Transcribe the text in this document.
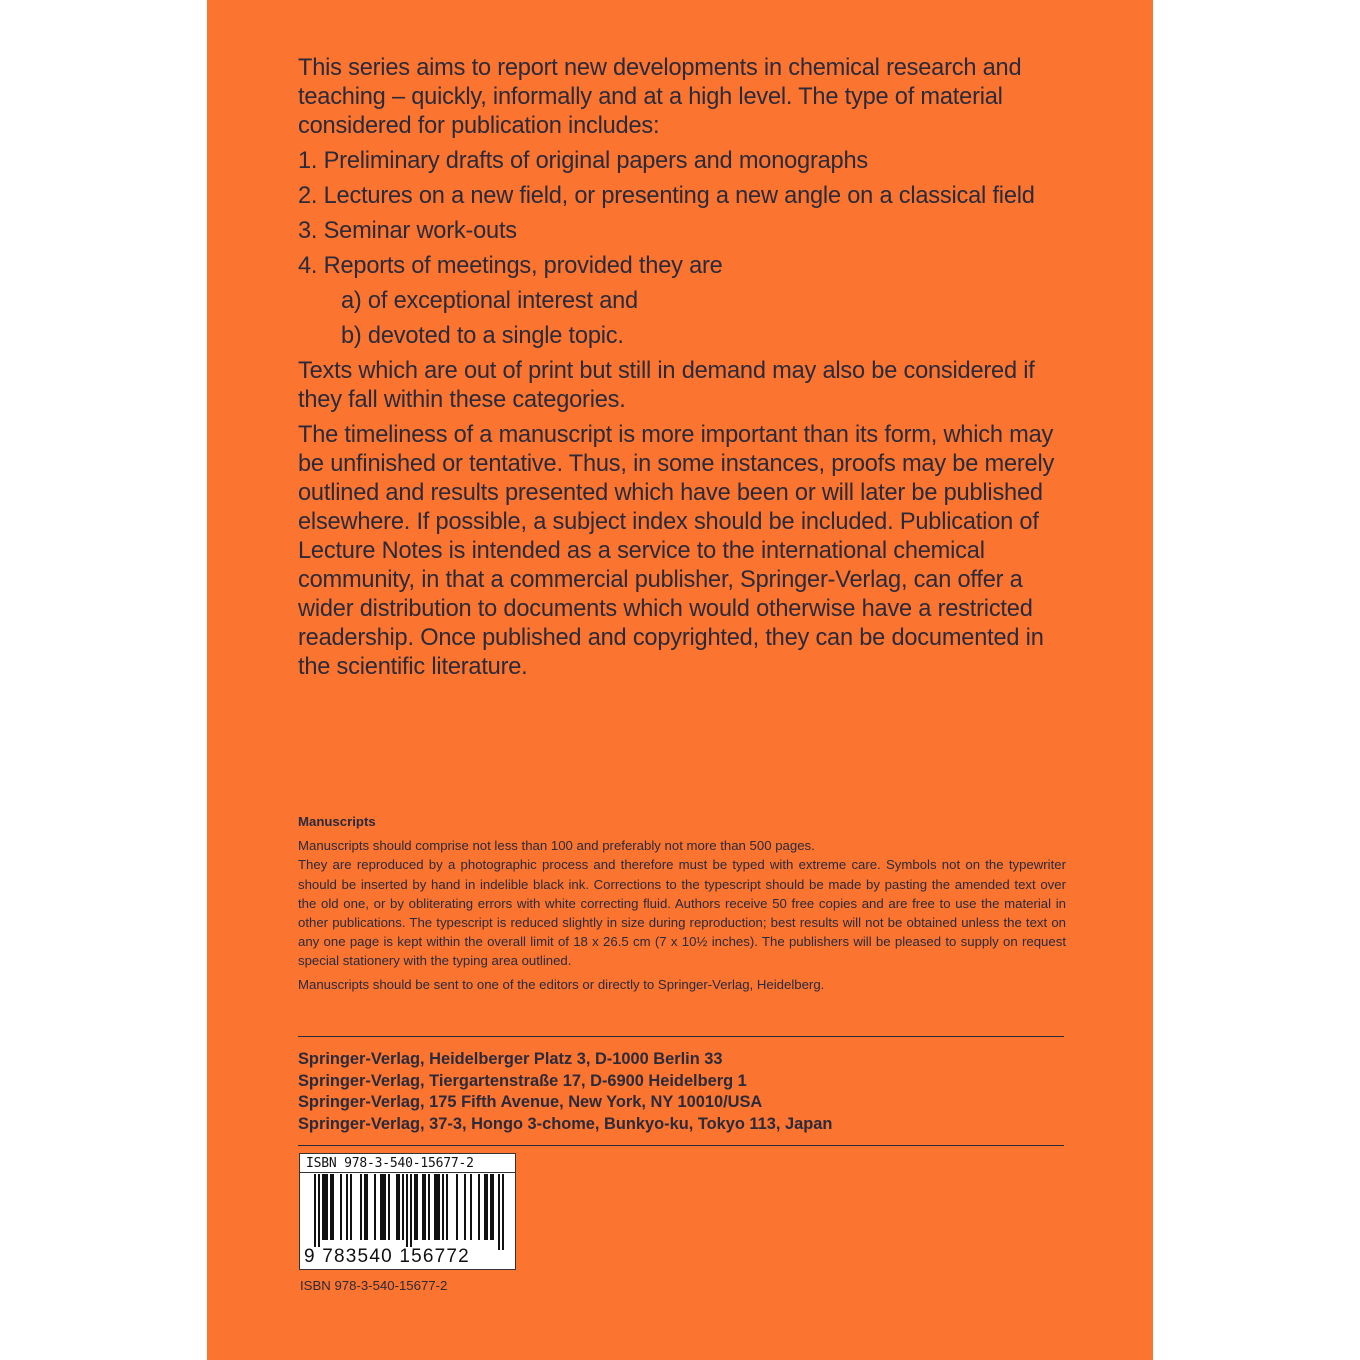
This series aims to report new developments in chemical research and teaching – quickly, informally and at a high level. The type of material considered for publication includes:

1. Preliminary drafts of original papers and monographs

2. Lectures on a new field, or presenting a new angle on a classical field

3. Seminar work-outs

4. Reports of meetings, provided they are

a) of exceptional interest and

b) devoted to a single topic.

Texts which are out of print but still in demand may also be considered if they fall within these categories.

The timeliness of a manuscript is more important than its form, which may be unfinished or tentative. Thus, in some instances, proofs may be merely outlined and results presented which have been or will later be published elsewhere. If possible, a subject index should be included. Publication of Lecture Notes is intended as a service to the international chemical community, in that a commercial publisher, Springer-Verlag, can offer a wider distribution to documents which would otherwise have a restricted readership. Once published and copyrighted, they can be documented in the scientific literature.

Manuscripts

Manuscripts should comprise not less than 100 and preferably not more than 500 pages.

They are reproduced by a photographic process and therefore must be typed with extreme care. Symbols not on the typewriter should be inserted by hand in indelible black ink. Corrections to the typescript should be made by pasting the amended text over the old one, or by obliterating errors with white correcting fluid. Authors receive 50 free copies and are free to use the material in other publications. The typescript is reduced slightly in size during reproduction; best results will not be obtained unless the text on any one page is kept within the overall limit of 18 x 26.5 cm (7 x 10½ inches). The publishers will be pleased to supply on request special stationery with the typing area outlined.

Manuscripts should be sent to one of the editors or directly to Springer-Verlag, Heidelberg.

Springer-Verlag, Heidelberger Platz 3, D-1000 Berlin 33
Springer-Verlag, Tiergartenstraße 17, D-6900 Heidelberg 1
Springer-Verlag, 175 Fifth Avenue, New York, NY 10010/USA
Springer-Verlag, 37-3, Hongo 3-chome, Bunkyo-ku, Tokyo 113, Japan
ISBN 978-3-540-15677-2
9 783540 156772
ISBN 978-3-540-15677-2
